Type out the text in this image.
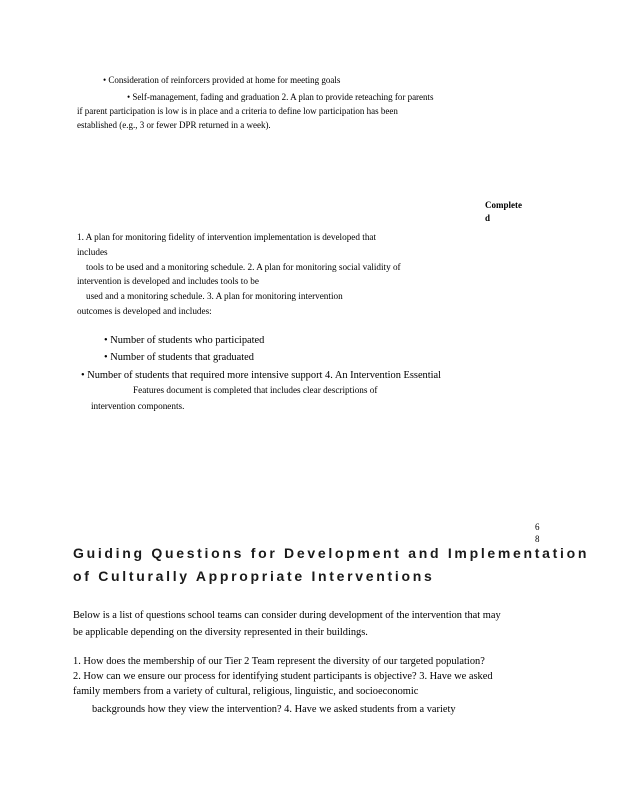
• Consideration of reinforcers provided at home for meeting goals
• Self-management, fading and graduation 2. A plan to provide reteaching for parents
if parent participation is low is in place and a criteria to define low participation has been
established (e.g., 3 or fewer DPR returned in a week).
Complete
d
1. A plan for monitoring fidelity of intervention implementation is developed that
includes
tools to be used and a monitoring schedule. 2. A plan for monitoring social validity of
intervention is developed and includes tools to be
used and a monitoring schedule. 3. A plan for monitoring intervention
outcomes is developed and includes:
• Number of students who participated
• Number of students that graduated
• Number of students that required more intensive support 4. An Intervention Essential
Features document is completed that includes clear descriptions of
intervention components.
6
8
Guiding Questions for Development and Implementation
of Culturally Appropriate Interventions
Below is a list of questions school teams can consider during development of the intervention that may
be applicable depending on the diversity represented in their buildings.
1. How does the membership of our Tier 2 Team represent the diversity of our targeted population?
2. How can we ensure our process for identifying student participants is objective? 3. Have we asked
family members from a variety of cultural, religious, linguistic, and socioeconomic
backgrounds how they view the intervention? 4. Have we asked students from a variety
